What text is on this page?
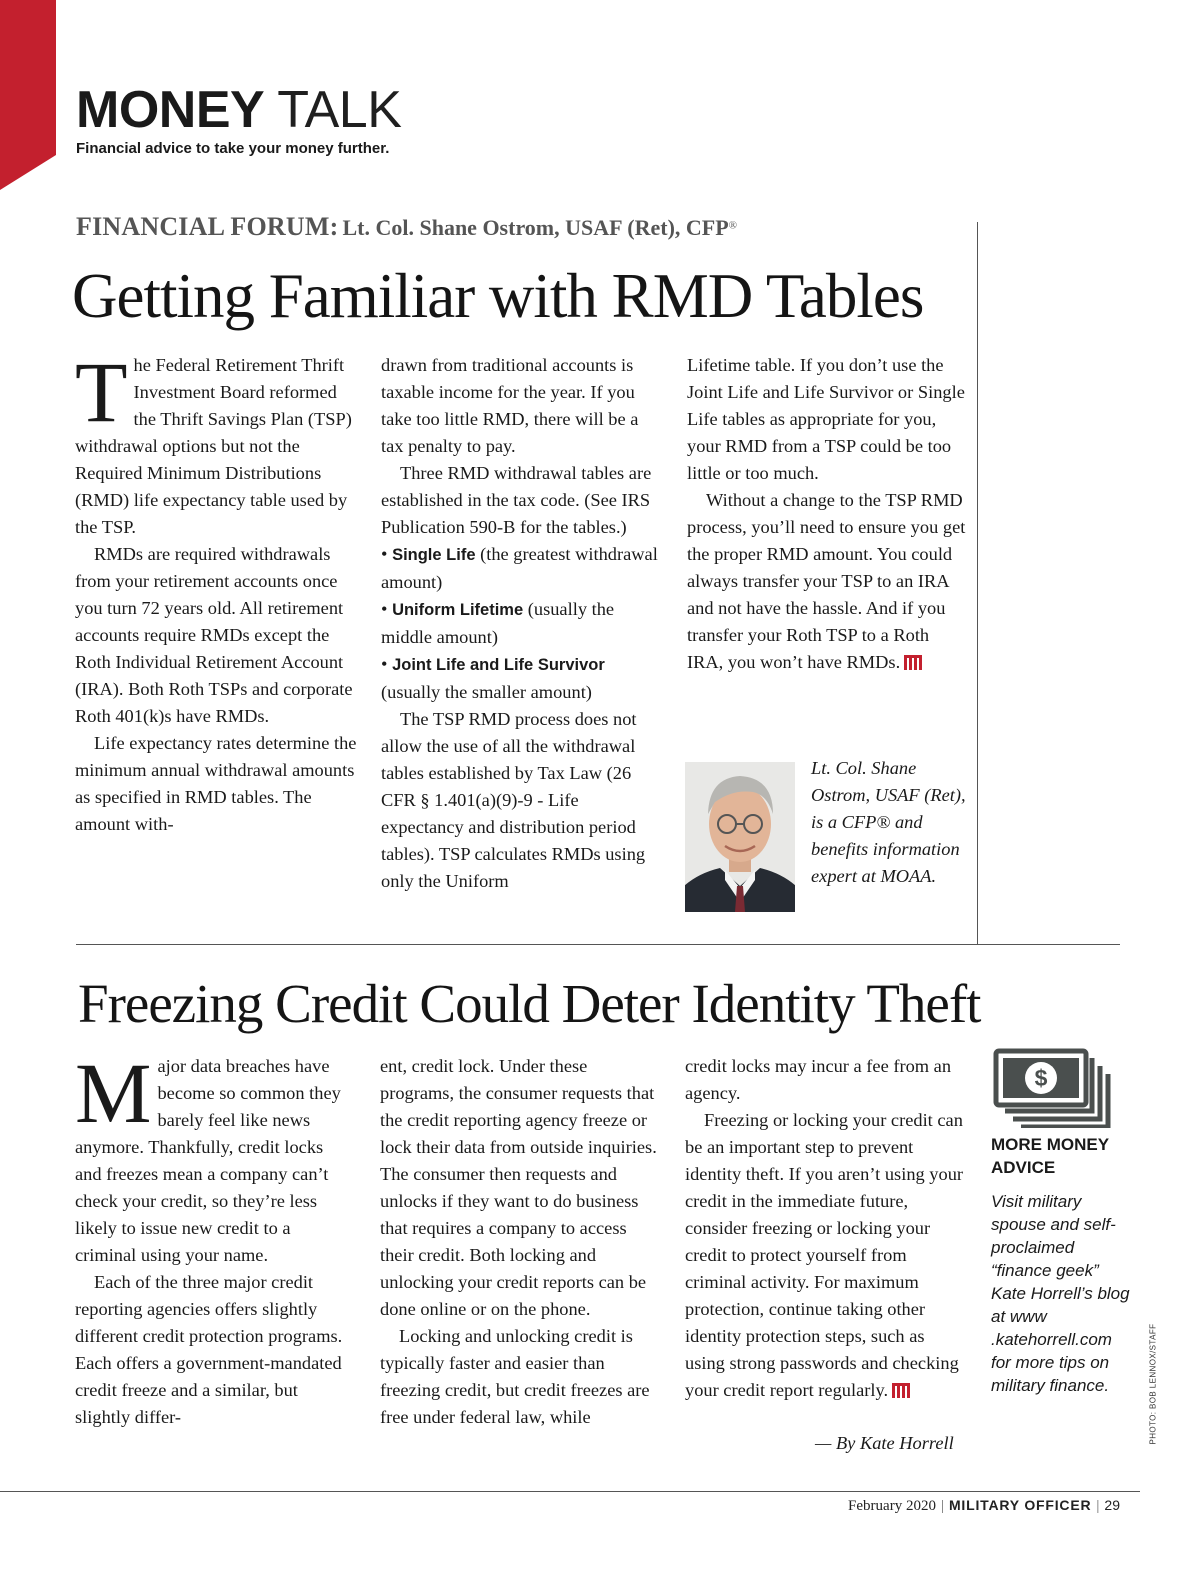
MONEY TALK
Financial advice to take your money further.
FINANCIAL FORUM: Lt. Col. Shane Ostrom, USAF (Ret), CFP®
Getting Familiar with RMD Tables

The Federal Retirement Thrift Investment Board reformed the Thrift Savings Plan (TSP) withdrawal options but not the Required Minimum Distributions (RMD) life expectancy table used by the TSP.

RMDs are required withdrawals from your retirement accounts once you turn 72 years old. All retirement accounts require RMDs except the Roth Individual Retirement Account (IRA). Both Roth TSPs and corporate Roth 401(k)s have RMDs.

Life expectancy rates determine the minimum annual withdrawal amounts as specified in RMD tables. The amount with-

drawn from traditional accounts is taxable income for the year. If you take too little RMD, there will be a tax penalty to pay.

Three RMD withdrawal tables are established in the tax code. (See IRS Publication 590-B for the tables.)

• Single Life (the greatest withdrawal amount)

• Uniform Lifetime (usually the middle amount)

• Joint Life and Life Survivor (usually the smaller amount)

The TSP RMD process does not allow the use of all the withdrawal tables established by Tax Law (26 CFR § 1.401(a)(9)-9 - Life expectancy and distribution period tables). TSP calculates RMDs using only the Uniform

Lifetime table. If you don’t use the Joint Life and Life Survivor or Single Life tables as appropriate for you, your RMD from a TSP could be too little or too much.

Without a change to the TSP RMD process, you’ll need to ensure you get the proper RMD amount. You could always transfer your TSP to an IRA and not have the hassle. And if you transfer your Roth TSP to a Roth IRA, you won’t have RMDs.

Lt. Col. Shane Ostrom, USAF (Ret), is a CFP® and benefits information expert at MOAA.
Freezing Credit Could Deter Identity Theft

Major data breaches have become so common they barely feel like news anymore. Thankfully, credit locks and freezes mean a company can’t check your credit, so they’re less likely to issue new credit to a criminal using your name.

Each of the three major credit reporting agencies offers slightly different credit protection programs. Each offers a government-mandated credit freeze and a similar, but slightly differ-

ent, credit lock. Under these programs, the consumer requests that the credit reporting agency freeze or lock their data from outside inquiries. The consumer then requests and unlocks if they want to do business that requires a company to access their credit. Both locking and unlocking your credit reports can be done online or on the phone.

Locking and unlocking credit is typically faster and easier than freezing credit, but credit freezes are free under federal law, while

credit locks may incur a fee from an agency.

Freezing or locking your credit can be an important step to prevent identity theft. If you aren’t using your credit in the immediate future, consider freezing or locking your credit to protect yourself from criminal activity. For maximum protection, continue taking other identity protection steps, such as using strong passwords and checking your credit report regularly.

— By Kate Horrell
$
MORE MONEY ADVICE
Visit military spouse and self-proclaimed “finance geek” Kate Horrell’s blog at www .katehorrell.com for more tips on military finance.	PHOTO: BOB LENNOX/STAFF
February 2020 | MILITARY OFFICER | 29
